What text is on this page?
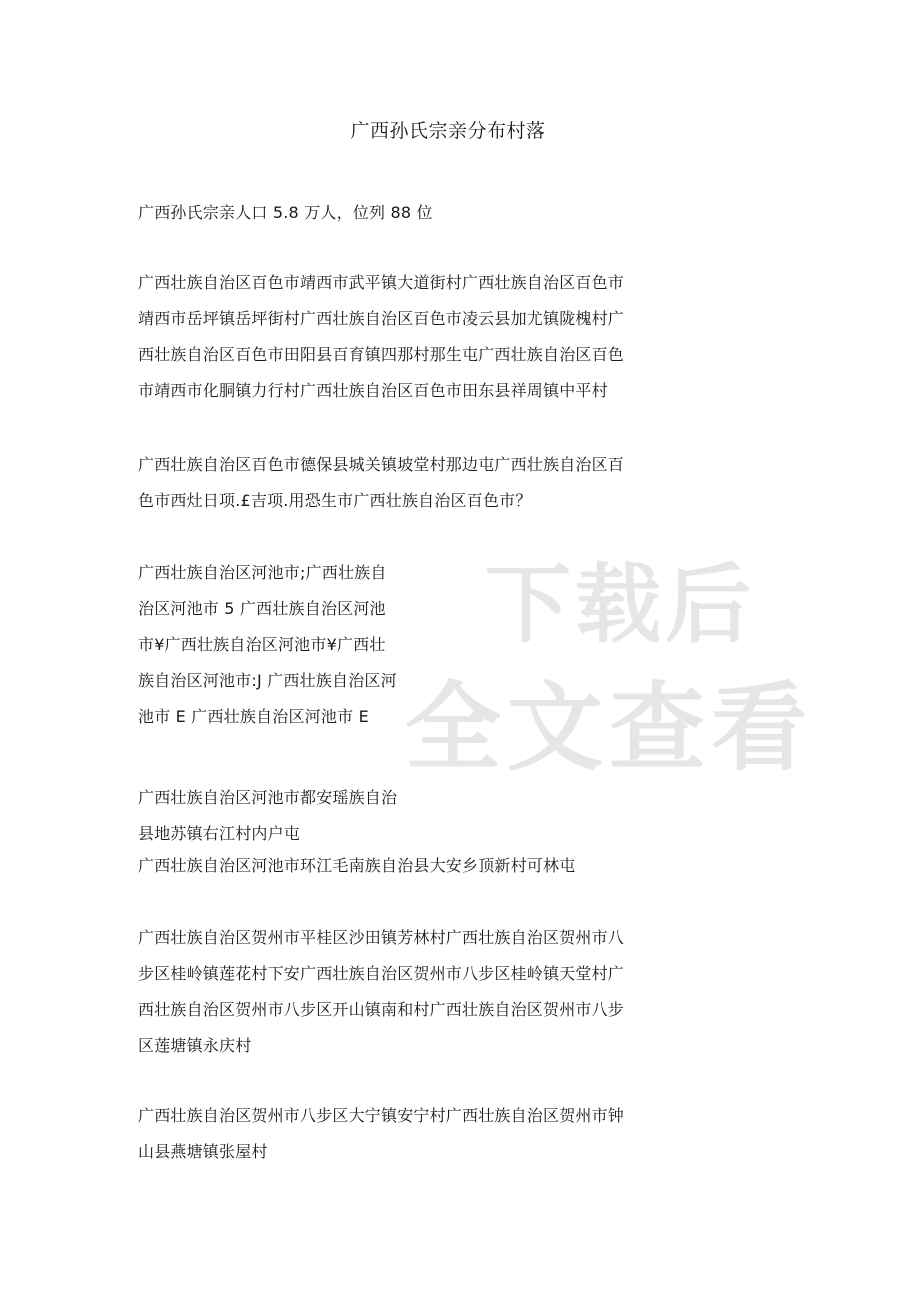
广西孙氏宗亲分布村落

广西孙氏宗亲人口 5.8 万人，位列 88 位

广西壮族自治区百色市靖西市武平镇大道街村广西壮族自治区百色市靖西市岳坪镇岳坪街村广西壮族自治区百色市凌云县加尤镇陇槐村广西壮族自治区百色市田阳县百育镇四那村那生屯广西壮族自治区百色市靖西市化胴镇力行村广西壮族自治区百色市田东县祥周镇中平村

广西壮族自治区百色市德保县城关镇坡堂村那边屯广西壮族自治区百色市西灶日项.£吉项.用恐生市广西壮族自治区百色市？

广西壮族自治区河池市;广西壮族自治区河池市 5 广西壮族自治区河池市¥广西壮族自治区河池市¥广西壮族自治区河池市:J 广西壮族自治区河池市 E 广西壮族自治区河池市 E

广西壮族自治区河池市都安瑶族自治县地苏镇右江村内户屯

广西壮族自治区河池市环江毛南族自治县大安乡顶新村可林屯

广西壮族自治区贺州市平桂区沙田镇芳林村广西壮族自治区贺州市八步区桂岭镇莲花村下安广西壮族自治区贺州市八步区桂岭镇天堂村广西壮族自治区贺州市八步区开山镇南和村广西壮族自治区贺州市八步区莲塘镇永庆村

广西壮族自治区贺州市八步区大宁镇安宁村广西壮族自治区贺州市钟山县燕塘镇张屋村

下载后
全文查看
